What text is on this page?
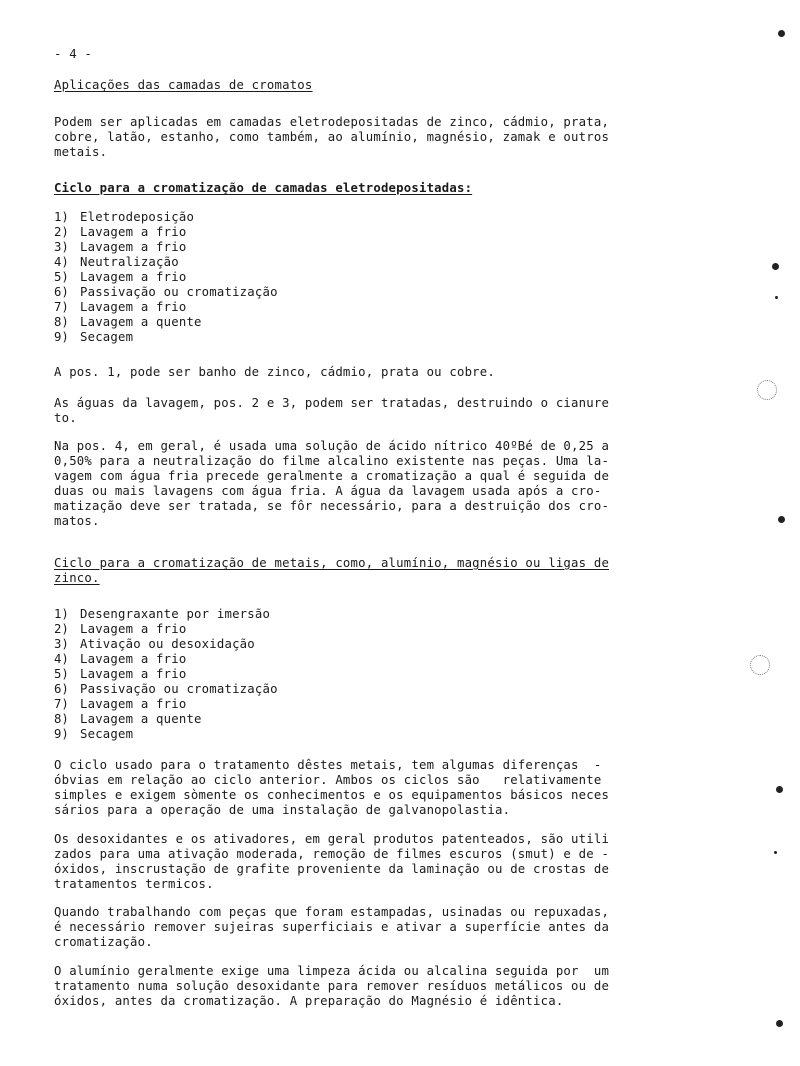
- 4 -
Aplicações das camadas de cromatos
Podem ser aplicadas em camadas eletrodepositadas de zinco, cádmio, prata,
cobre, latão, estanho, como também, ao alumínio, magnésio, zamak e outros
metais.
Ciclo para a cromatização de camadas eletrodepositadas:
1) Eletrodeposição
2) Lavagem a frio
3) Lavagem a frio
4) Neutralização
5) Lavagem a frio
6) Passivação ou cromatização
7) Lavagem a frio
8) Lavagem a quente
9) Secagem
A pos. 1, pode ser banho de zinco, cádmio, prata ou cobre.
As águas da lavagem, pos. 2 e 3, podem ser tratadas, destruindo o cianure
to.
Na pos. 4, em geral, é usada uma solução de ácido nítrico 40ºBé de 0,25 a
0,50% para a neutralização do filme alcalino existente nas peças. Uma la-
vagem com água fria precede geralmente a cromatização a qual é seguida de
duas ou mais lavagens com água fria. A água da lavagem usada após a cro-
matização deve ser tratada, se fôr necessário, para a destruição dos cro-
matos.
Ciclo para a cromatização de metais, como, alumínio, magnésio ou ligas de
zinco.
1) Desengraxante por imersão
2) Lavagem a frio
3) Ativação ou desoxidação
4) Lavagem a frio
5) Lavagem a frio
6) Passivação ou cromatização
7) Lavagem a frio
8) Lavagem a quente
9) Secagem
O ciclo usado para o tratamento dêstes metais, tem algumas diferenças  -
óbvias em relação ao ciclo anterior. Ambos os ciclos são   relativamente
simples e exigem sòmente os conhecimentos e os equipamentos básicos neces
sários para a operação de uma instalação de galvanopolastia.
Os desoxidantes e os ativadores, em geral produtos patenteados, são utili
zados para uma ativação moderada, remoção de filmes escuros (smut) e de -
óxidos, inscrustação de grafite proveniente da laminação ou de crostas de
tratamentos termicos.
Quando trabalhando com peças que foram estampadas, usinadas ou repuxadas,
é necessário remover sujeiras superficiais e ativar a superfície antes da
cromatização.
O alumínio geralmente exige uma limpeza ácida ou alcalina seguida por  um
tratamento numa solução desoxidante para remover resíduos metálicos ou de
óxidos, antes da cromatização. A preparação do Magnésio é idêntica.
